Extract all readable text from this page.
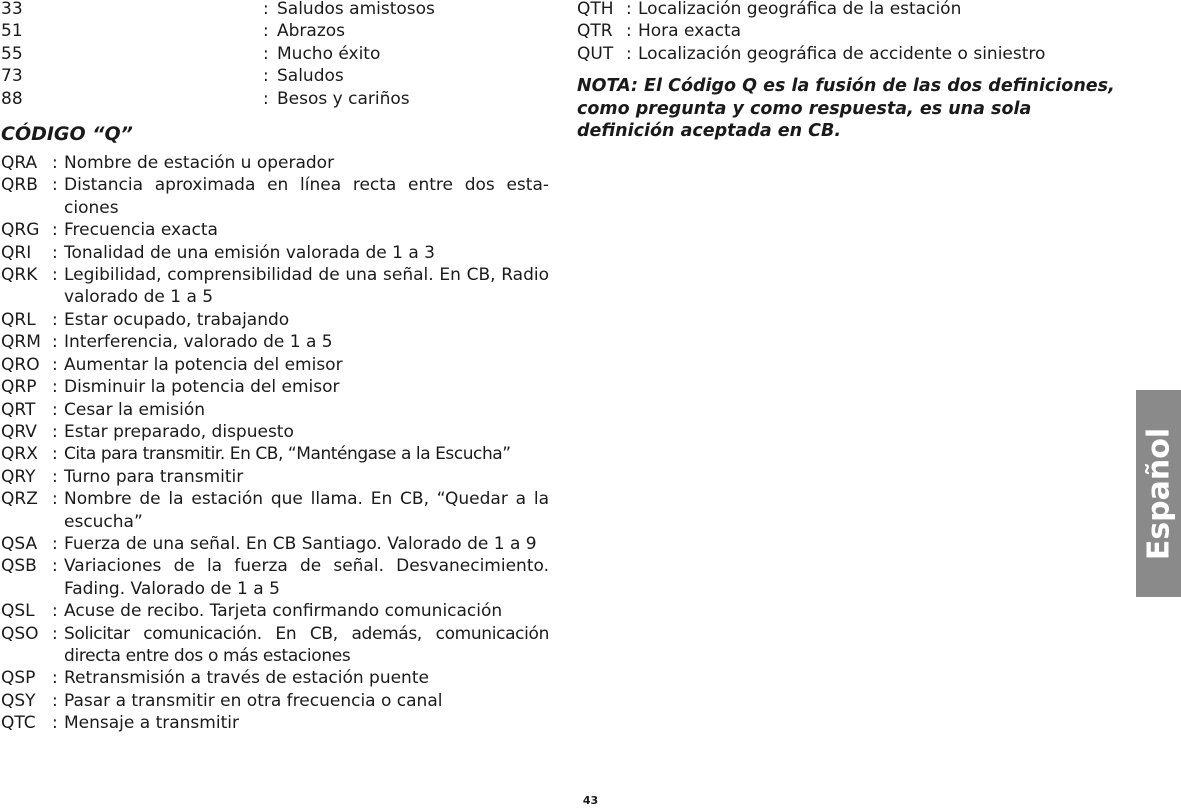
33	: Saludos amistosos
51	: Abrazos
55	: Mucho éxito
73	: Saludos
88	: Besos y cariños
CÓDIGO “Q”
QRA : Nombre de estación u operador
QRB : Distancia aproximada en línea recta entre dos esta-ciones
QRG : Frecuencia exacta
QRI	: Tonalidad de una emisión valorada de 1 a 3
QRK : Legibilidad, comprensibilidad de una señal. En CB, Radio valorado de 1 a 5
QRL : Estar ocupado, trabajando
QRM : Interferencia, valorado de 1 a 5
QRO : Aumentar la potencia del emisor
QRP : Disminuir la potencia del emisor
QRT : Cesar la emisión
QRV : Estar preparado, dispuesto
QRX : Cita para transmitir. En CB, “Manténgase a la Escucha”
QRY : Turno para transmitir
QRZ : Nombre de la estación que llama. En CB, “Quedar a la escucha”
QSA : Fuerza de una señal. En CB Santiago. Valorado de 1 a 9
QSB : Variaciones de la fuerza de señal. Desvanecimiento. Fading. Valorado de 1 a 5
QSL	: Acuse de recibo. Tarjeta confirmando comunicación
QSO : Solicitar comunicación. En CB, además, comunicación directa entre dos o más estaciones
QSP : Retransmisión a través de estación puente
QSY : Pasar a transmitir en otra frecuencia o canal
QTC : Mensaje a transmitir
QTH : Localización geográfica de la estación
QTR : Hora exacta
QUT : Localización geográfica de accidente o siniestro
NOTA: El Código Q es la fusión de las dos definiciones, como pregunta y como respuesta, es una sola definición aceptada en CB.
Español
43
